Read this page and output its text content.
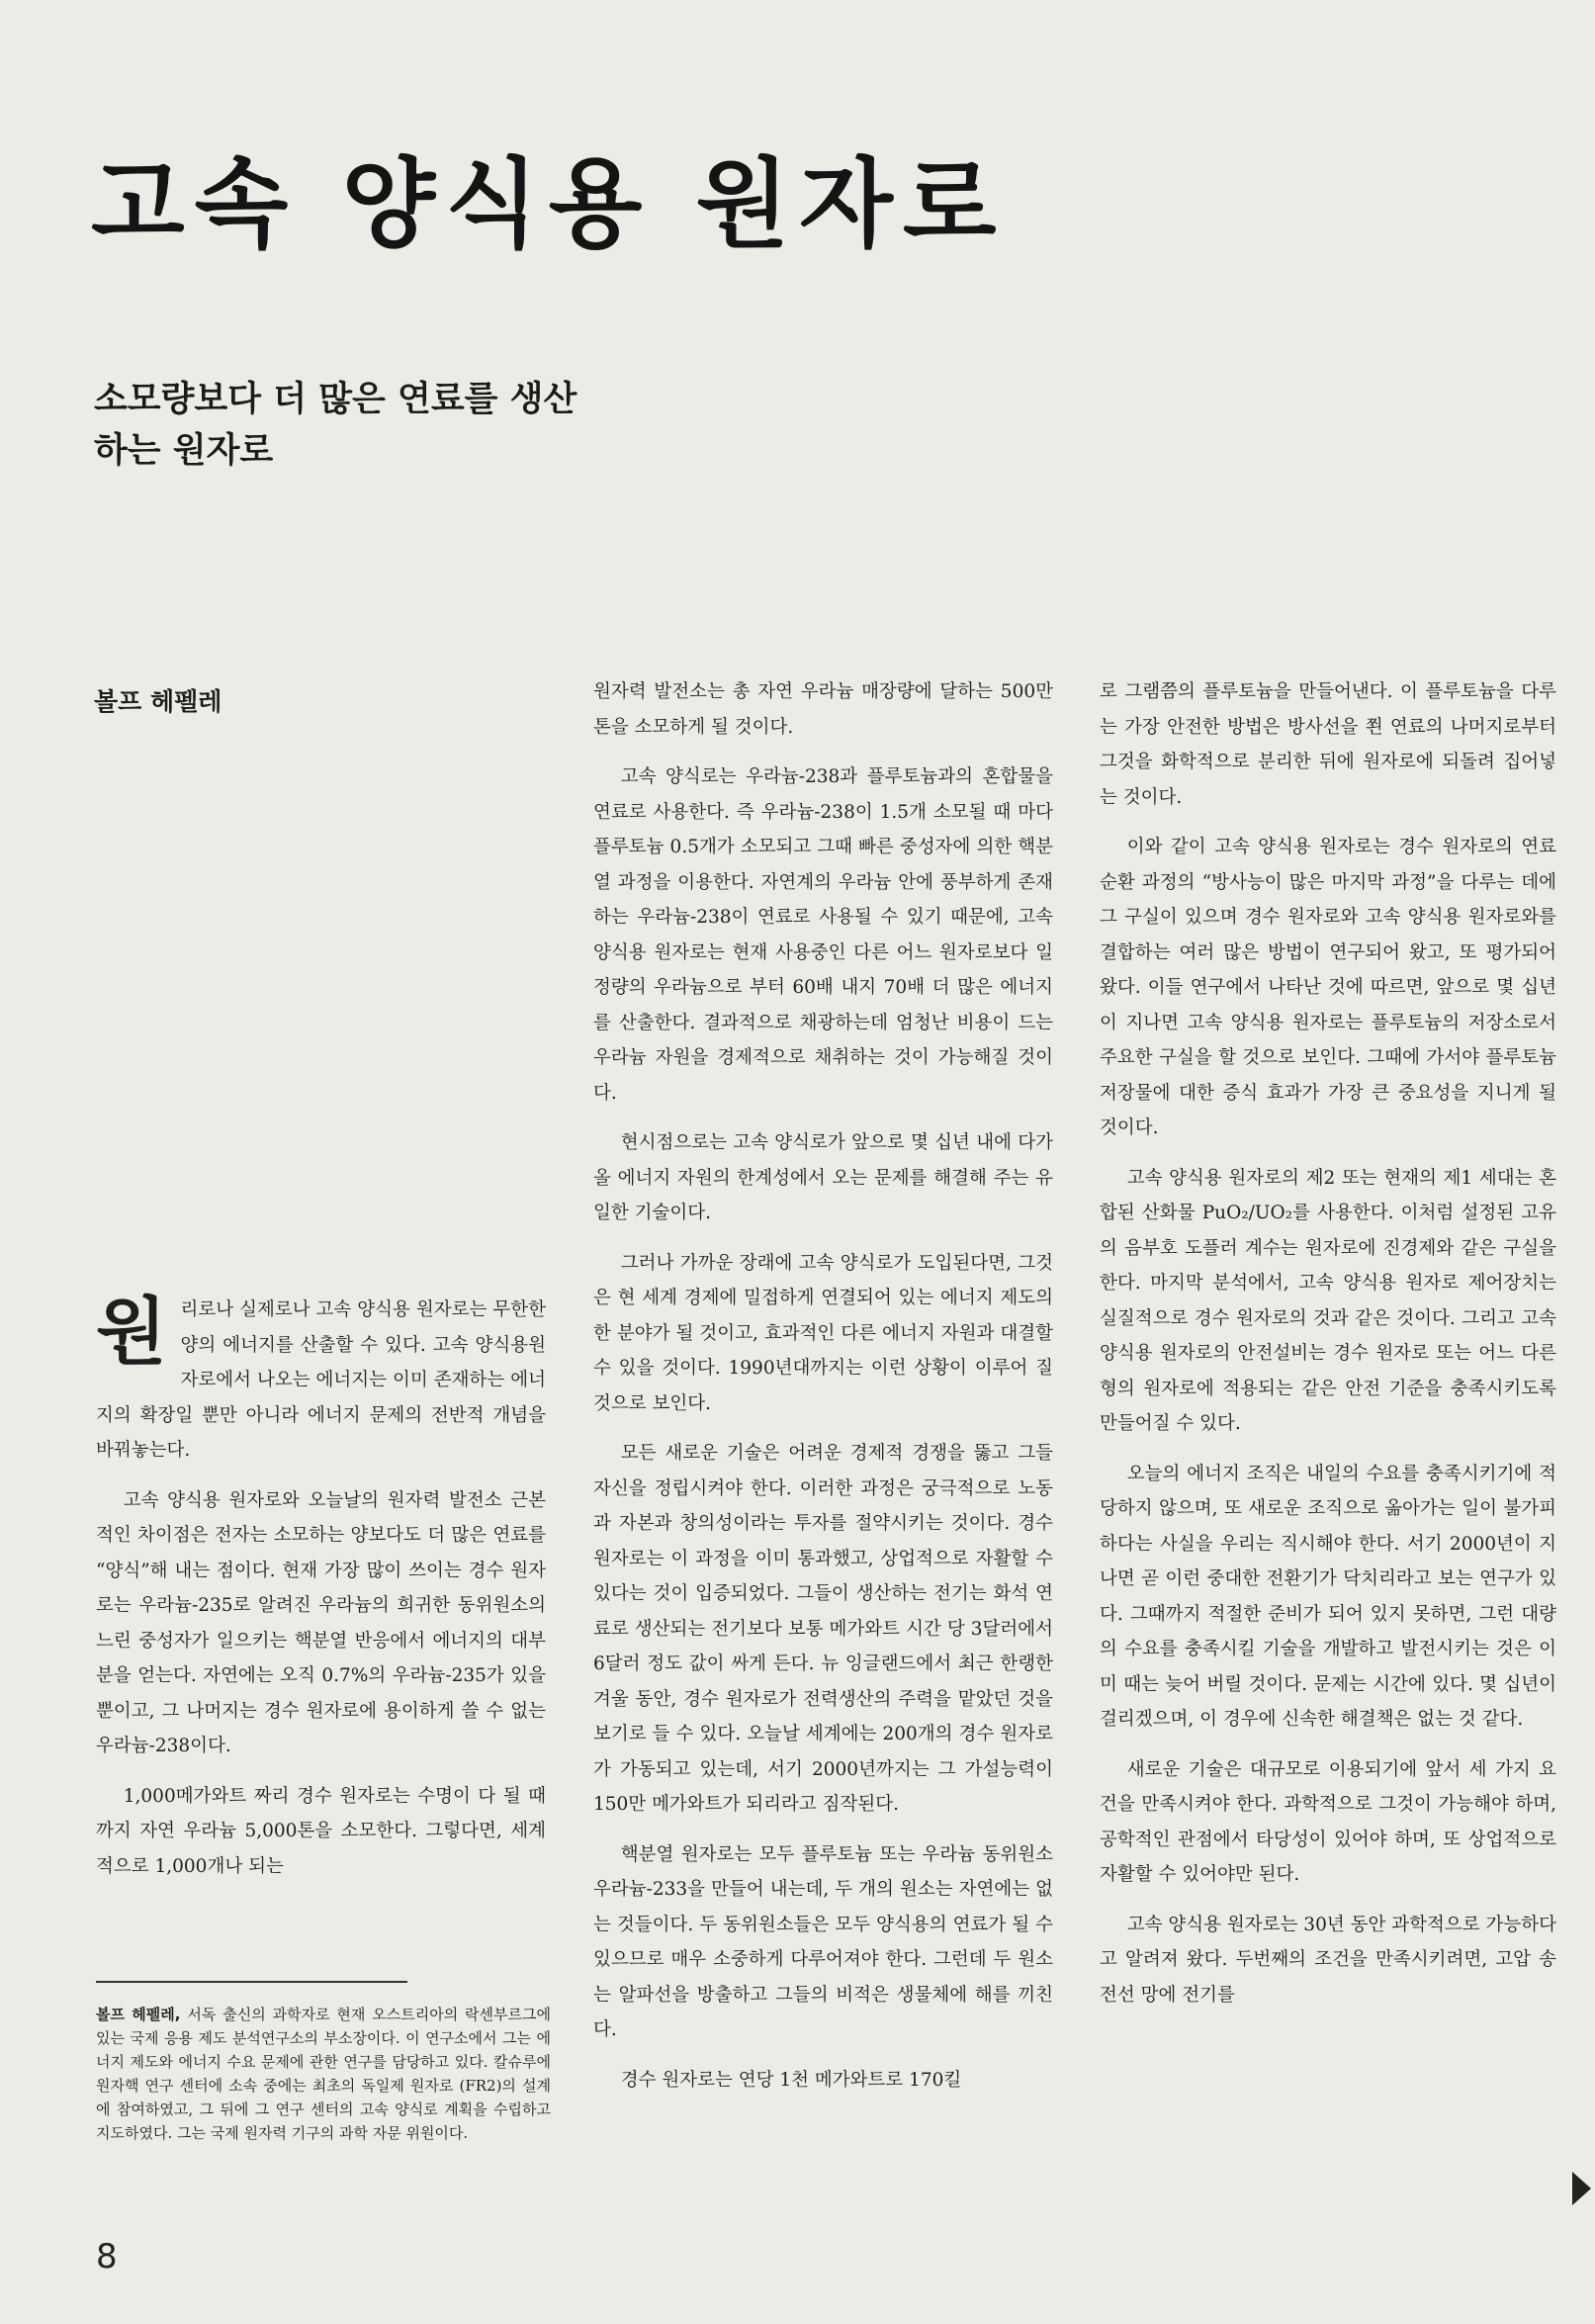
고속 양식용 원자로
소모량보다 더 많은 연료를 생산하는 원자로
볼프 헤펠레

원리로나 실제로나 고속 양식용 원자로는 무한한 양의 에너지를 산출할 수 있다. 고속 양식용원자로에서 나오는 에너지는 이미 존재하는 에너지의 확장일 뿐만 아니라 에너지 문제의 전반적 개념을 바꿔놓는다.

고속 양식용 원자로와 오늘날의 원자력 발전소 근본적인 차이점은 전자는 소모하는 양보다도 더 많은 연료를 “양식”해 내는 점이다. 현재 가장 많이 쓰이는 경수 원자로는 우라늄-235로 알려진 우라늄의 희귀한 동위원소의 느린 중성자가 일으키는 핵분열 반응에서 에너지의 대부분을 얻는다. 자연에는 오직 0.7%의 우라늄-235가 있을 뿐이고, 그 나머지는 경수 원자로에 용이하게 쓸 수 없는 우라늄-238이다.

1,000메가와트 짜리 경수 원자로는 수명이 다 될 때까지 자연 우라늄 5,000톤을 소모한다. 그렇다면, 세계적으로 1,000개나 되는

원자력 발전소는 총 자연 우라늄 매장량에 달하는 500만톤을 소모하게 될 것이다.

고속 양식로는 우라늄-238과 플루토늄과의 혼합물을 연료로 사용한다. 즉 우라늄-238이 1.5개 소모될 때 마다 플루토늄 0.5개가 소모되고 그때 빠른 중성자에 의한 핵분열 과정을 이용한다. 자연계의 우라늄 안에 풍부하게 존재하는 우라늄-238이 연료로 사용될 수 있기 때문에, 고속 양식용 원자로는 현재 사용중인 다른 어느 원자로보다 일정량의 우라늄으로 부터 60배 내지 70배 더 많은 에너지를 산출한다. 결과적으로 채광하는데 엄청난 비용이 드는 우라늄 자원을 경제적으로 채취하는 것이 가능해질 것이다.

현시점으로는 고속 양식로가 앞으로 몇 십년 내에 다가올 에너지 자원의 한계성에서 오는 문제를 해결해 주는 유일한 기술이다.

그러나 가까운 장래에 고속 양식로가 도입된다면, 그것은 현 세계 경제에 밀접하게 연결되어 있는 에너지 제도의 한 분야가 될 것이고, 효과적인 다른 에너지 자원과 대결할 수 있을 것이다. 1990년대까지는 이런 상황이 이루어 질 것으로 보인다.

모든 새로운 기술은 어려운 경제적 경쟁을 뚫고 그들 자신을 정립시켜야 한다. 이러한 과정은 궁극적으로 노동과 자본과 창의성이라는 투자를 절약시키는 것이다. 경수 원자로는 이 과정을 이미 통과했고, 상업적으로 자활할 수 있다는 것이 입증되었다. 그들이 생산하는 전기는 화석 연료로 생산되는 전기보다 보통 메가와트 시간 당 3달러에서 6달러 정도 값이 싸게 든다. 뉴 잉글랜드에서 최근 한랭한 겨울 동안, 경수 원자로가 전력생산의 주력을 맡았던 것을 보기로 들 수 있다. 오늘날 세계에는 200개의 경수 원자로가 가동되고 있는데, 서기 2000년까지는 그 가설능력이 150만 메가와트가 되리라고 짐작된다.

핵분열 원자로는 모두 플루토늄 또는 우라늄 동위원소 우라늄-233을 만들어 내는데, 두 개의 원소는 자연에는 없는 것들이다. 두 동위원소들은 모두 양식용의 연료가 될 수 있으므로 매우 소중하게 다루어져야 한다. 그런데 두 원소는 알파선을 방출하고 그들의 비적은 생물체에 해를 끼친다.

경수 원자로는 연당 1천 메가와트로 170킬

로 그램쯤의 플루토늄을 만들어낸다. 이 플루토늄을 다루는 가장 안전한 방법은 방사선을 쬔 연료의 나머지로부터 그것을 화학적으로 분리한 뒤에 원자로에 되돌려 집어넣는 것이다.

이와 같이 고속 양식용 원자로는 경수 원자로의 연료 순환 과정의 “방사능이 많은 마지막 과정”을 다루는 데에 그 구실이 있으며 경수 원자로와 고속 양식용 원자로와를 결합하는 여러 많은 방법이 연구되어 왔고, 또 평가되어 왔다. 이들 연구에서 나타난 것에 따르면, 앞으로 몇 십년이 지나면 고속 양식용 원자로는 플루토늄의 저장소로서 주요한 구실을 할 것으로 보인다. 그때에 가서야 플루토늄 저장물에 대한 증식 효과가 가장 큰 중요성을 지니게 될 것이다.

고속 양식용 원자로의 제2 또는 현재의 제1 세대는 혼합된 산화물 PuO₂/UO₂를 사용한다. 이처럼 설정된 고유의 음부호 도플러 계수는 원자로에 진경제와 같은 구실을 한다. 마지막 분석에서, 고속 양식용 원자로 제어장치는 실질적으로 경수 원자로의 것과 같은 것이다. 그리고 고속 양식용 원자로의 안전설비는 경수 원자로 또는 어느 다른 형의 원자로에 적용되는 같은 안전 기준을 충족시키도록 만들어질 수 있다.

오늘의 에너지 조직은 내일의 수요를 충족시키기에 적당하지 않으며, 또 새로운 조직으로 옮아가는 일이 불가피하다는 사실을 우리는 직시해야 한다. 서기 2000년이 지나면 곧 이런 중대한 전환기가 닥치리라고 보는 연구가 있다. 그때까지 적절한 준비가 되어 있지 못하면, 그런 대량의 수요를 충족시킬 기술을 개발하고 발전시키는 것은 이미 때는 늦어 버릴 것이다. 문제는 시간에 있다. 몇 십년이 걸리겠으며, 이 경우에 신속한 해결책은 없는 것 같다.

새로운 기술은 대규모로 이용되기에 앞서 세 가지 요건을 만족시켜야 한다. 과학적으로 그것이 가능해야 하며, 공학적인 관점에서 타당성이 있어야 하며, 또 상업적으로 자활할 수 있어야만 된다.

고속 양식용 원자로는 30년 동안 과학적으로 가능하다고 알려져 왔다. 두번째의 조건을 만족시키려면, 고압 송전선 망에 전기를

볼프 헤펠레, 서독 출신의 과학자로 현재 오스트리아의 락센부르그에 있는 국제 응용 제도 분석연구소의 부소장이다. 이 연구소에서 그는 에너지 제도와 에너지 수요 문제에 관한 연구를 담당하고 있다. 칼슈루에 원자핵 연구 센터에 소속 중에는 최초의 독일제 원자로 (FR2)의 설계에 참여하였고, 그 뒤에 그 연구 센터의 고속 양식로 계획을 수립하고 지도하였다. 그는 국제 원자력 기구의 과학 자문 위원이다.
8
